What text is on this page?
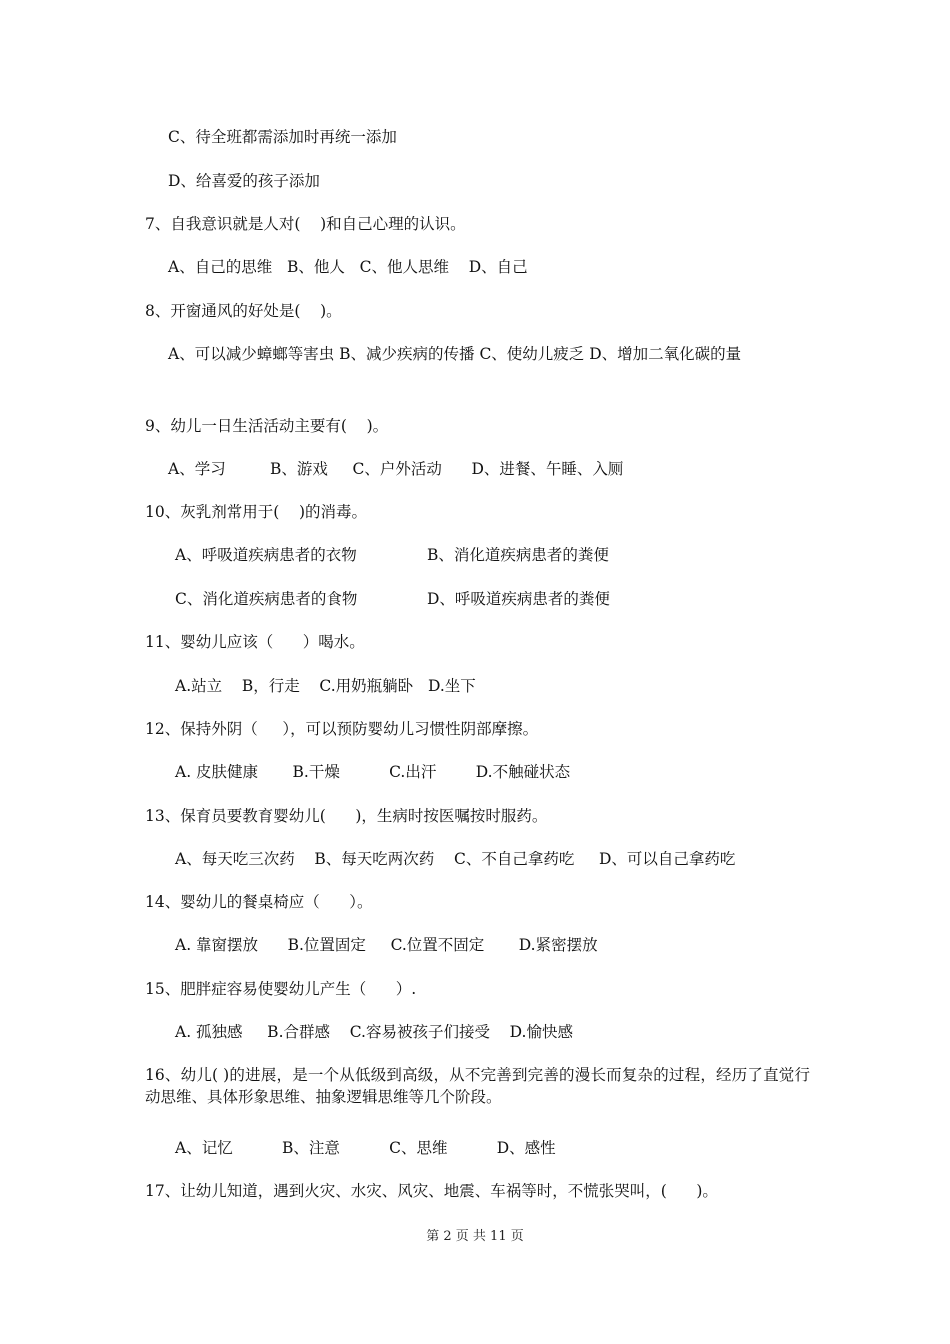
C、待全班都需添加时再统一添加
D、给喜爱的孩子添加
7、自我意识就是人对(    )和自己心理的认识。
A、自己的思维   B、他人   C、他人思维    D、自己
8、开窗通风的好处是(    )。
A、可以减少蟑螂等害虫 B、减少疾病的传播 C、使幼儿疲乏 D、增加二氧化碳的量
9、幼儿一日生活活动主要有(    )。
A、学习         B、游戏     C、户外活动      D、进餐、午睡、入厕
10、灰乳剂常用于(    )的消毒。
A、呼吸道疾病患者的衣物	B、消化道疾病患者的粪便
C、消化道疾病患者的食物	D、呼吸道疾病患者的粪便
11、婴幼儿应该（      ）喝水。
A.站立    B，行走    C.用奶瓶躺卧   D.坐下
12、保持外阴（     ），可以预防婴幼儿习惯性阴部摩擦。
A. 皮肤健康       B.干燥          C.出汗        D.不触碰状态
13、保育员要教育婴幼儿(      )，生病时按医嘱按时服药。
A、每天吃三次药    B、每天吃两次药    C、不自己拿药吃     D、可以自己拿药吃
14、婴幼儿的餐桌椅应（      ）。
A. 靠窗摆放      B.位置固定     C.位置不固定       D.紧密摆放
15、肥胖症容易使婴幼儿产生（      ）.
A. 孤独感     B.合群感    C.容易被孩子们接受    D.愉快感
16、幼儿( )的进展，是一个从低级到高级，从不完善到完善的漫长而复杂的过程，经历了直觉行动思维、具体形象思维、抽象逻辑思维等几个阶段。
A、记忆          B、注意          C、思维          D、感性
17、让幼儿知道，遇到火灾、水灾、风灾、地震、车祸等时，不慌张哭叫，(      )。
第 2 页 共 11 页
